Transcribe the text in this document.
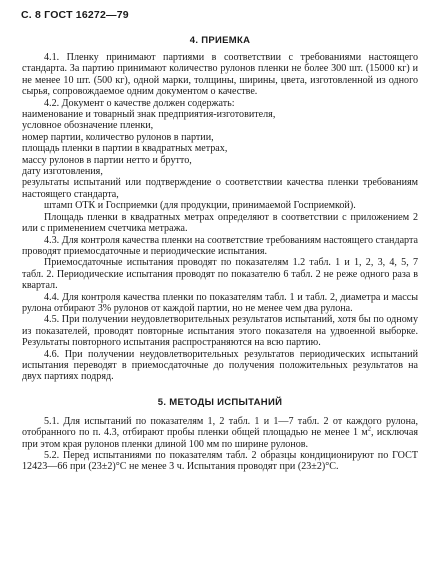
С. 8 ГОСТ 16272—79
4. ПРИЕМКА

4.1. Пленку принимают партиями в соответствии с требованиями настоящего стандарта. За партию принимают количество рулонов пленки не более 300 шт. (15000 кг) и не менее 10 шт. (500 кг), одной марки, толщины, ширины, цвета, изготовленной из одного сырья, сопровождаемое одним документом о качестве.

4.2. Документ о качестве должен содержать:

наименование и товарный знак предприятия-изготовителя,

условное обозначение пленки,

номер партии, количество рулонов в партии,

площадь пленки в партии в квадратных метрах,

массу рулонов в партии нетто и брутто,

дату изготовления,

результаты испытаний или подтверждение о соответствии качества пленки требованиям настоящего стандарта,

штамп ОТК и Госприемки (для продукции, принимаемой Госприемкой).

Площадь пленки в квадратных метрах определяют в соответствии с приложением 2 или с применением счетчика метража.

4.3. Для контроля качества пленки на соответствие требованиям настоящего стандарта проводят приемосдаточные и периодические испытания.

Приемосдаточные испытания проводят по показателям 1.2 табл. 1 и 1, 2, 3, 4, 5, 7 табл. 2. Периодические испытания проводят по показателю 6 табл. 2 не реже одного раза в квартал.

4.4. Для контроля качества пленки по показателям табл. 1 и табл. 2, диаметра и массы рулона отбирают 3% рулонов от каждой партии, но не менее чем два рулона.

4.5. При получении неудовлетворительных результатов испытаний, хотя бы по одному из показателей, проводят повторные испытания этого показателя на удвоенной выборке. Результаты повторного испытания распространяются на всю партию.

4.6. При получении неудовлетворительных результатов периодических испытаний испытания переводят в приемосдаточные до получения положительных результатов на двух партиях подряд.

5. МЕТОДЫ ИСПЫТАНИЙ

5.1. Для испытаний по показателям 1, 2 табл. 1 и 1—7 табл. 2 от каждого рулона, отобранного по п. 4.3, отбирают пробы пленки общей площадью не менее 1 $м^2$, исключая при этом края рулонов пленки длиной 100 мм по ширине рулонов.

5.2. Перед испытаниями по показателям табл. 2 образцы кондиционируют по ГОСТ 12423—66 при (23±2)°С не менее 3 ч. Испытания проводят при (23±2)°С.
